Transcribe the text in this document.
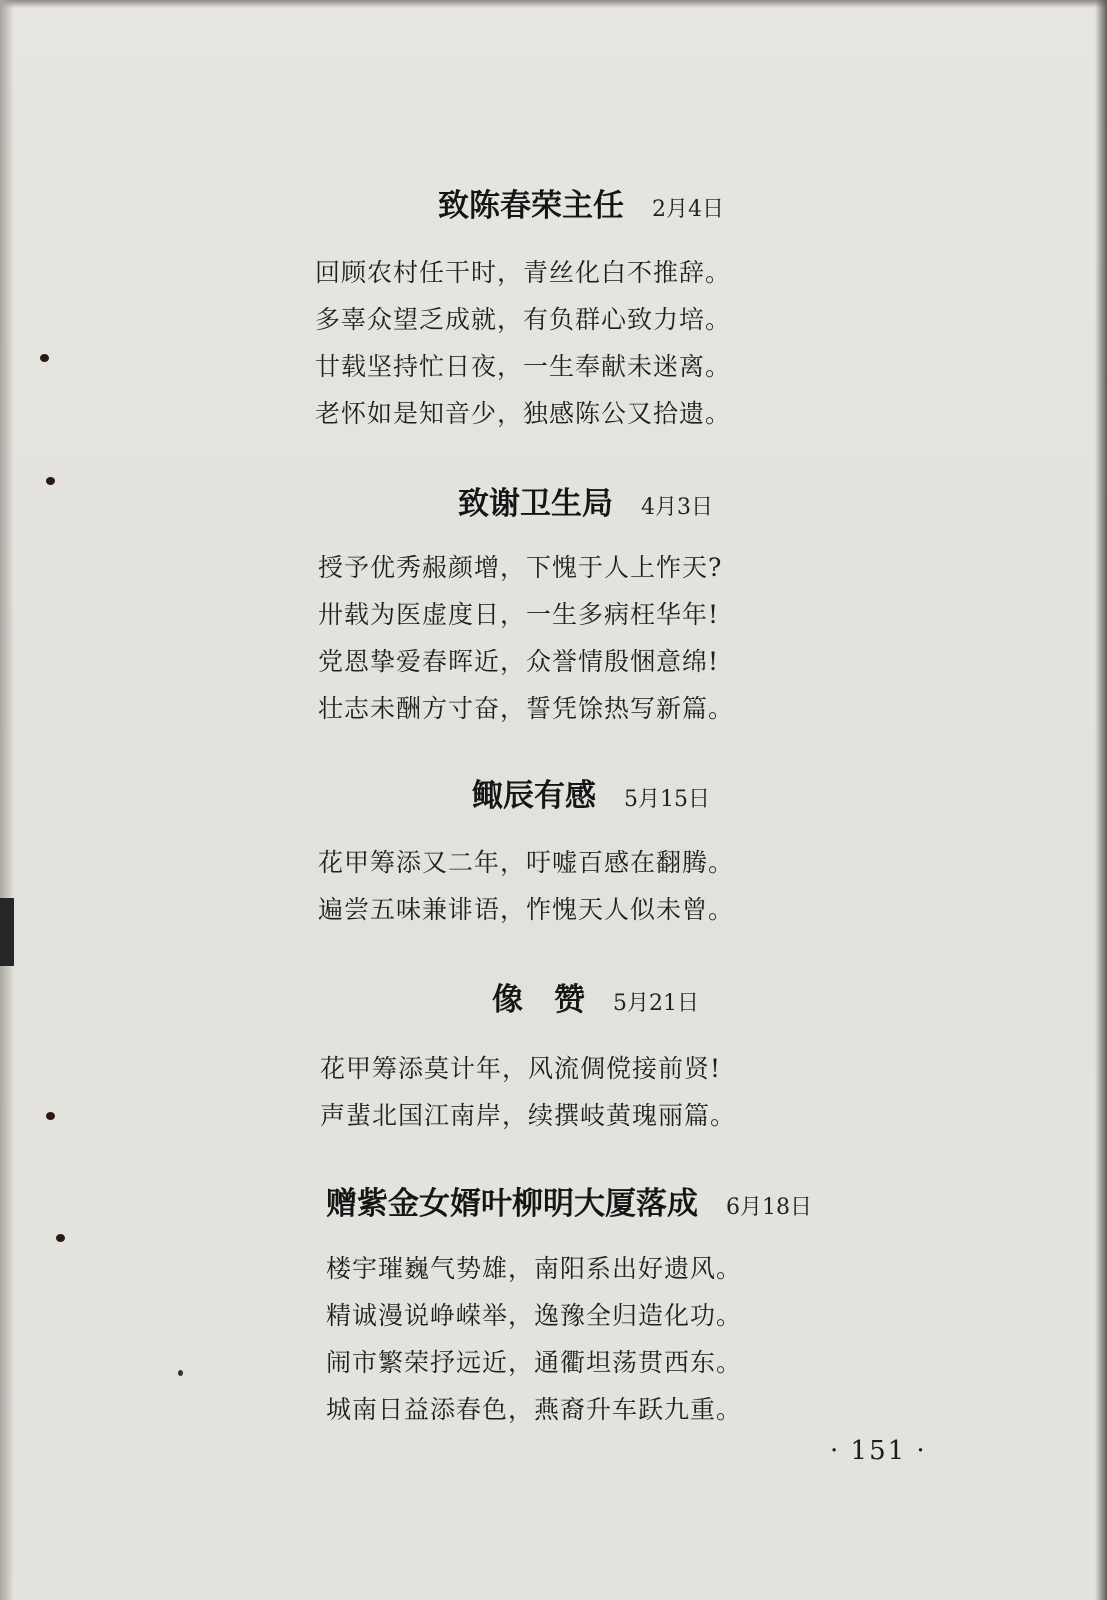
致陈春荣主任 2月4日
回顾农村任干时，青丝化白不推辞。
多辜众望乏成就，有负群心致力培。
廿载坚持忙日夜，一生奉献未迷离。
老怀如是知音少，独感陈公又拾遗。
致谢卫生局 4月3日
授予优秀赧颜增，下愧于人上怍天?
卅载为医虚度日，一生多病枉华年!
党恩挚爱春晖近，众誉情殷悃意绵!
壮志未酬方寸奋，誓凭馀热写新篇。
鲰辰有感 5月15日
花甲筹添又二年，吁嘘百感在翻腾。
遍尝五味兼诽语，怍愧天人似未曾。
像　赞 5月21日
花甲筹添莫计年，风流倜傥接前贤!
声蜚北国江南岸，续撰岐黄瑰丽篇。
赠紫金女婿叶柳明大厦落成 6月18日
楼宇璀巍气势雄，南阳系出好遗风。
精诚漫说峥嵘举，逸豫全归造化功。
闹市繁荣抒远近，通衢坦荡贯西东。
城南日益添春色，燕裔升车跃九重。
· 151 ·
